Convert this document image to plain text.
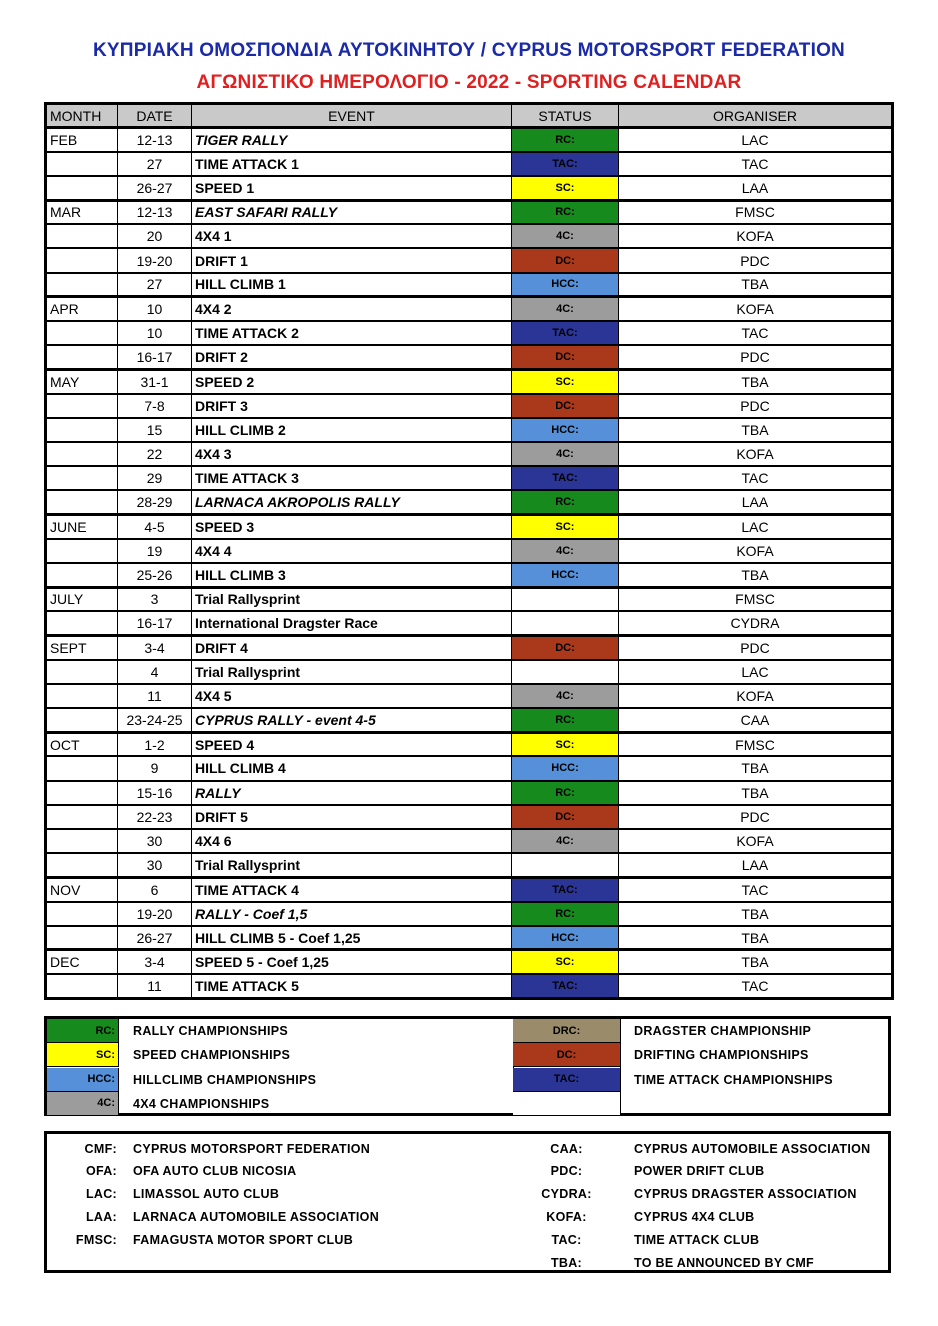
ΚΥΠΡΙΑΚΗ ΟΜΟΣΠΟΝΔΙΑ ΑΥΤΟΚΙΝΗΤΟΥ / CYPRUS MOTORSPORT FEDERATION
ΑΓΩΝΙΣΤΙΚΟ ΗΜΕΡΟΛΟΓΙΟ - 2022 - SPORTING CALENDAR
MONTH	DATE	EVENT	STATUS	ORGANISER
FEB	12-13	TIGER RALLY	RC:	LAC
	27	TIME ATTACK 1	TAC:	TAC
	26-27	SPEED 1	SC:	LAA
MAR	12-13	EAST SAFARI RALLY	RC:	FMSC
	20	4X4 1	4C:	KOFA
	19-20	DRIFT 1	DC:	PDC
	27	HILL CLIMB 1	HCC:	TBA
APR	10	4X4 2	4C:	KOFA
	10	TIME ATTACK 2	TAC:	TAC
	16-17	DRIFT 2	DC:	PDC
MAY	31-1	SPEED 2	SC:	TBA
	7-8	DRIFT 3	DC:	PDC
	15	HILL CLIMB 2	HCC:	TBA
	22	4X4 3	4C:	KOFA
	29	TIME ATTACK 3	TAC:	TAC
	28-29	LARNACA AKROPOLIS RALLY	RC:	LAA
JUNE	4-5	SPEED 3	SC:	LAC
	19	4X4 4	4C:	KOFA
	25-26	HILL CLIMB 3	HCC:	TBA
JULY	3	Trial Rallysprint		FMSC
	16-17	International Dragster Race		CYDRA
SEPT	3-4	DRIFT 4	DC:	PDC
	4	Trial Rallysprint		LAC
	11	4X4 5	4C:	KOFA
	23-24-25	CYPRUS RALLY - event 4-5	RC:	CAA
OCT	1-2	SPEED 4	SC:	FMSC
	9	HILL CLIMB 4	HCC:	TBA
	15-16	RALLY	RC:	TBA
	22-23	DRIFT 5	DC:	PDC
	30	4X4 6	4C:	KOFA
	30	Trial Rallysprint		LAA
NOV	6	TIME ATTACK 4	TAC:	TAC
	19-20	RALLY - Coef 1,5	RC:	TBA
	26-27	HILL CLIMB 5 - Coef 1,25	HCC:	TBA
DEC	3-4	SPEED 5 - Coef 1,25	SC:	TBA
	11	TIME ATTACK 5	TAC:	TAC
RC:	RALLY CHAMPIONSHIPS
SC:	SPEED CHAMPIONSHIPS
HCC:	HILLCLIMB CHAMPIONSHIPS
4C:	4X4 CHAMPIONSHIPS
DRC:	DRAGSTER CHAMPIONSHIP
DC:	DRIFTING CHAMPIONSHIPS
TAC:	TIME ATTACK CHAMPIONSHIPS
CMF: CYPRUS MOTORSPORT FEDERATION
OFA: OFA AUTO CLUB NICOSIA
LAC: LIMASSOL AUTO CLUB
LAA: LARNACA AUTOMOBILE ASSOCIATION
FMSC: FAMAGUSTA MOTOR SPORT CLUB
CAA:	CYPRUS AUTOMOBILE ASSOCIATION
PDC:	POWER DRIFT CLUB
CYDRA:	CYPRUS DRAGSTER ASSOCIATION
KOFA:	CYPRUS 4X4 CLUB
TAC:	TIME ATTACK CLUB
TBA:	TO BE ANNOUNCED BY CMF
